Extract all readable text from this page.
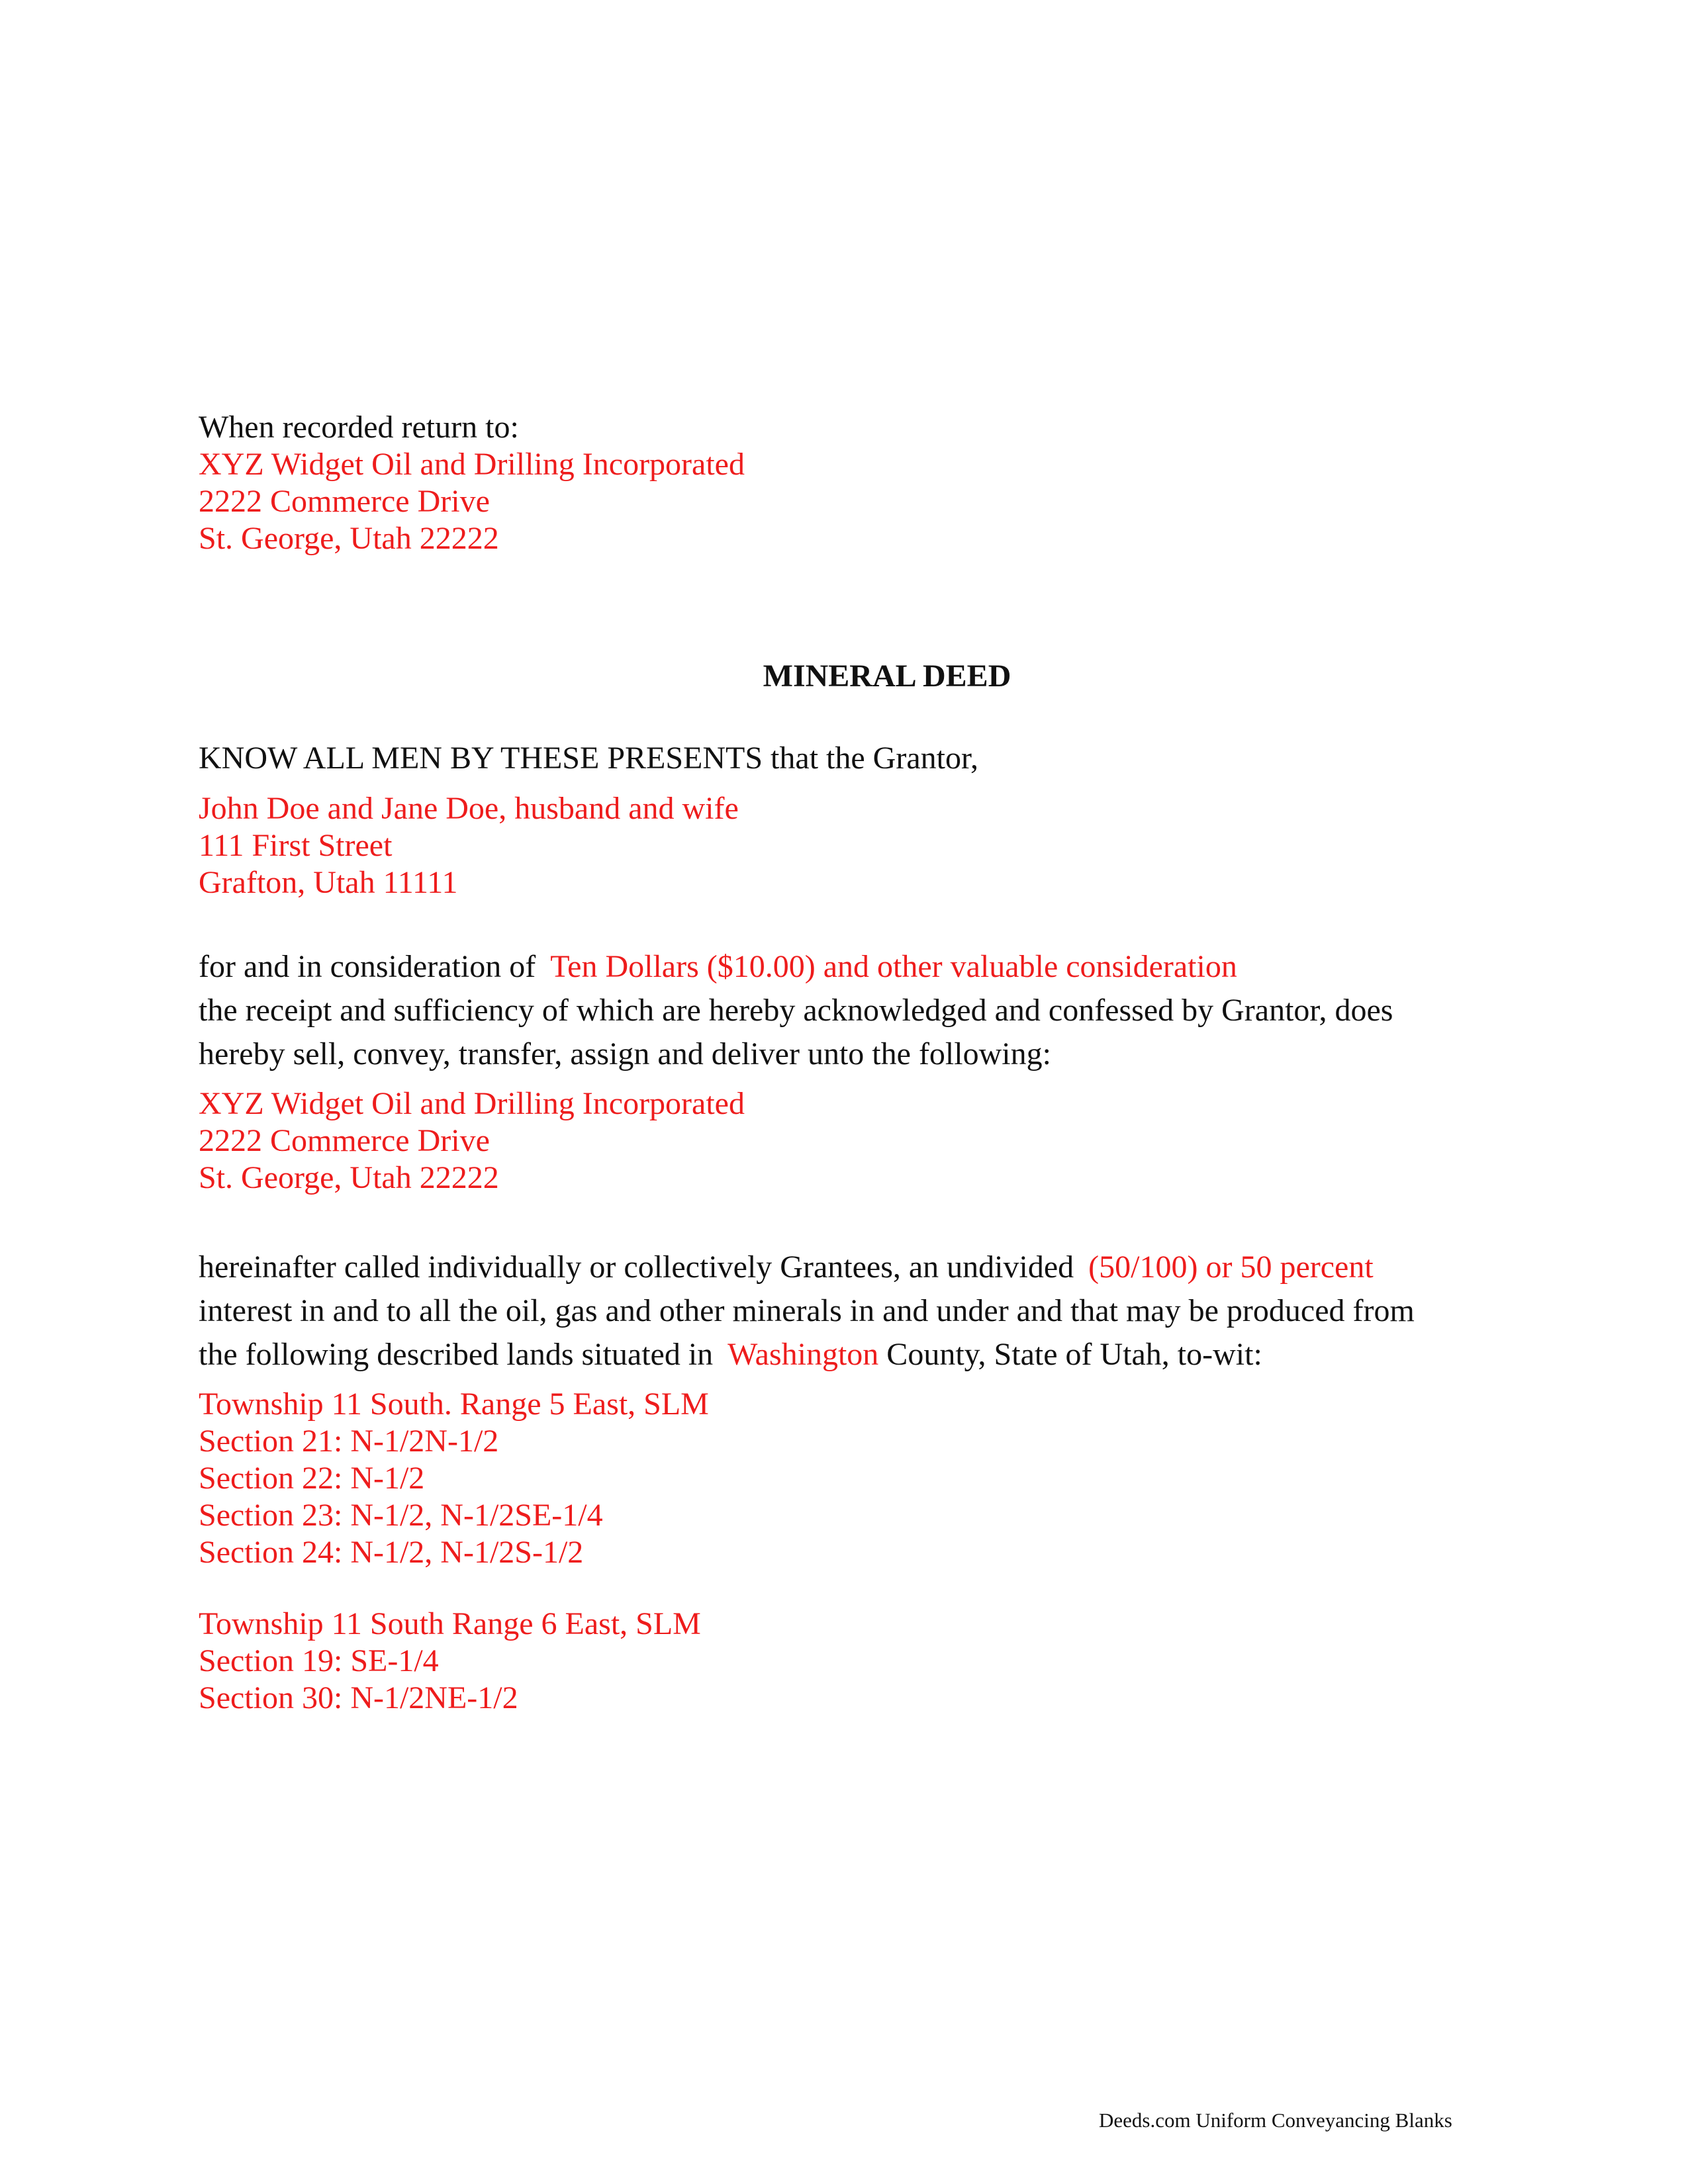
When recorded return to:
XYZ Widget Oil and Drilling Incorporated
2222 Commerce Drive
St. George, Utah 22222
MINERAL DEED
KNOW ALL MEN BY THESE PRESENTS that the Grantor,
John Doe and Jane Doe, husband and wife
111 First Street
Grafton, Utah 11111
for and in consideration of Ten Dollars ($10.00) and other valuable consideration
the receipt and sufficiency of which are hereby acknowledged and confessed by Grantor, does
hereby sell, convey, transfer, assign and deliver unto the following:
XYZ Widget Oil and Drilling Incorporated
2222 Commerce Drive
St. George, Utah 22222
hereinafter called individually or collectively Grantees, an undivided (50/100) or 50 percent
interest in and to all the oil, gas and other minerals in and under and that may be produced from
the following described lands situated in Washington County, State of Utah, to-wit:
Township 11 South. Range 5 East, SLM
Section 21: N-1/2N-1/2
Section 22: N-1/2
Section 23: N-1/2, N-1/2SE-1/4
Section 24: N-1/2, N-1/2S-1/2
Township 11 South Range 6 East, SLM
Section 19: SE-1/4
Section 30: N-1/2NE-1/2
Deeds.com Uniform Conveyancing Blanks
